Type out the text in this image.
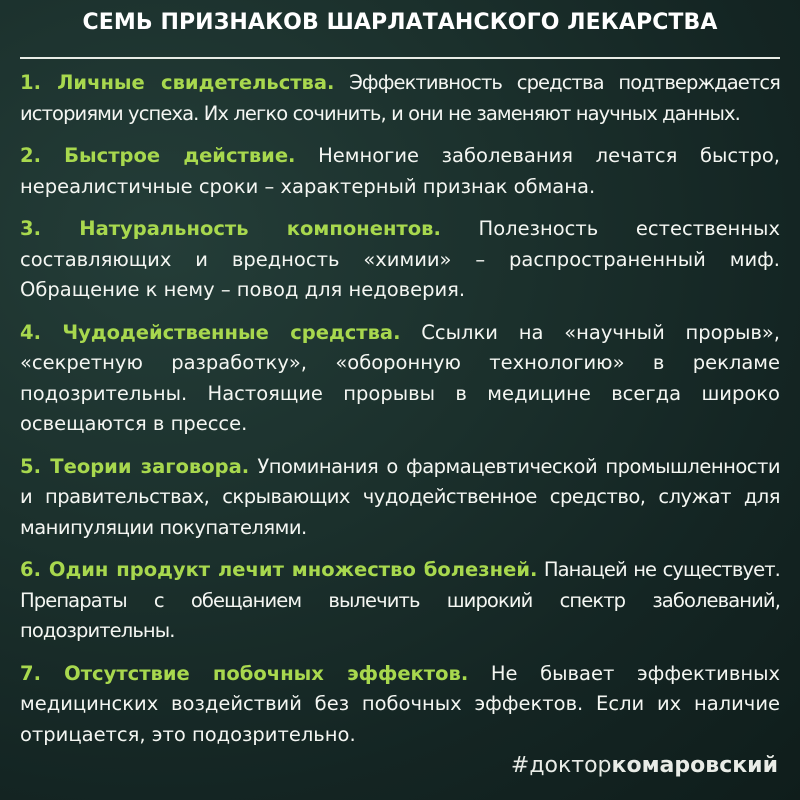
СЕМЬ ПРИЗНАКОВ ШАРЛАТАНСКОГО ЛЕКАРСТВА
1. Личные свидетельства. Эффективность средства подтверждается историями успеха. Их легко сочинить, и они не заменяют научных данных.
2. Быстрое действие. Немногие заболевания лечатся быстро, нереалистичные сроки – характерный признак обмана.
3. Натуральность компонентов. Полезность естественных составляющих и вредность «химии» – распространенный миф. Обращение к нему – повод для недоверия.
4. Чудодейственные средства. Ссылки на «научный прорыв», «секретную разработку», «оборонную технологию» в рекламе подозрительны. Настоящие прорывы в медицине всегда широко освещаются в прессе.
5. Теории заговора. Упоминания о фармацевтической промышленности и правительствах, скрывающих чудодейственное средство, служат для манипуляции покупателями.
6. Один продукт лечит множество болезней. Панацей не существует. Препараты с обещанием вылечить широкий спектр заболеваний, подозрительны.
7. Отсутствие побочных эффектов. Не бывает эффективных медицинских воздействий без побочных эффектов. Если их наличие отрицается, это подозрительно.
#докторкомаровский
